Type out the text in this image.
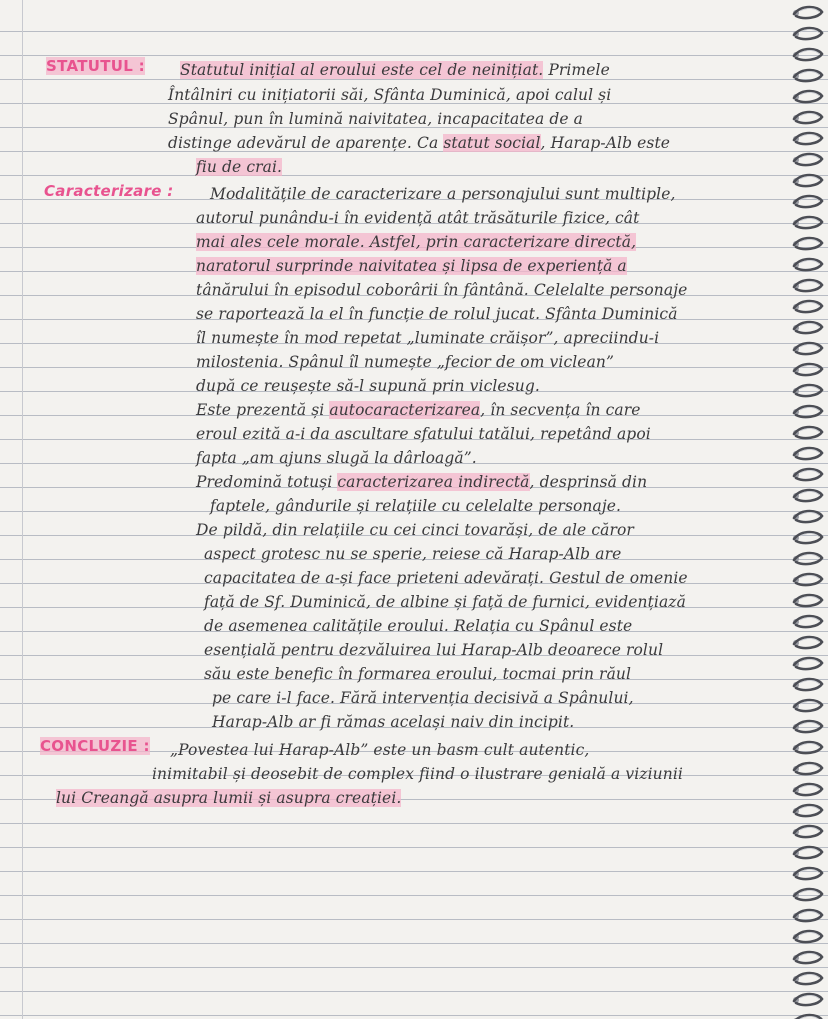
STATUTUL : Statutul inițial al eroului este cel de neinițiat. Primele
Întâlniri cu inițiatorii săi, Sfânta Duminică, apoi calul și
Spânul, pun în lumină naivitatea, incapacitatea de a
distinge adevărul de aparențe. Ca statut social, Harap-Alb este
fiu de crai.
Caracterizare : Modalitățile de caracterizare a personajului sunt multiple,
autorul punându-i în evidență atât trăsăturile fizice, cât
mai ales cele morale. Astfel, prin caracterizare directă,
naratorul surprinde naivitatea și lipsa de experiență a
tânărului în episodul coborârii în fântână. Celelalte personaje
se raportează la el în funcție de rolul jucat. Sfânta Duminică
îl numește în mod repetat „luminate crăișor”, apreciindu-i
milostenia. Spânul îl numește „fecior de om viclean”
după ce reușește să-l supună prin viclesug.
Este prezentă și autocaracterizarea, în secvența în care
eroul ezită a-i da ascultare sfatului tatălui, repetând apoi
fapta „am ajuns slugă la dârloagă”.
Predomină totuși caracterizarea indirectă, desprinsă din
faptele, gândurile și relațiile cu celelalte personaje.
De pildă, din relațiile cu cei cinci tovarăși, de ale căror
aspect grotesc nu se sperie, reiese că Harap-Alb are
capacitatea de a-și face prieteni adevărați. Gestul de omenie
față de Sf. Duminică, de albine și față de furnici, evidențiază
de asemenea calitățile eroului. Relația cu Spânul este
esențială pentru dezvăluirea lui Harap-Alb deoarece rolul
său este benefic în formarea eroului, tocmai prin răul
pe care i-l face. Fără intervenția decisivă a Spânului,
Harap-Alb ar fi rămas același naiv din incipit.
CONCLUZIE : „Povestea lui Harap-Alb” este un basm cult autentic,
inimitabil și deosebit de complex fiind o ilustrare genială a viziunii
lui Creangă asupra lumii și asupra creației.
